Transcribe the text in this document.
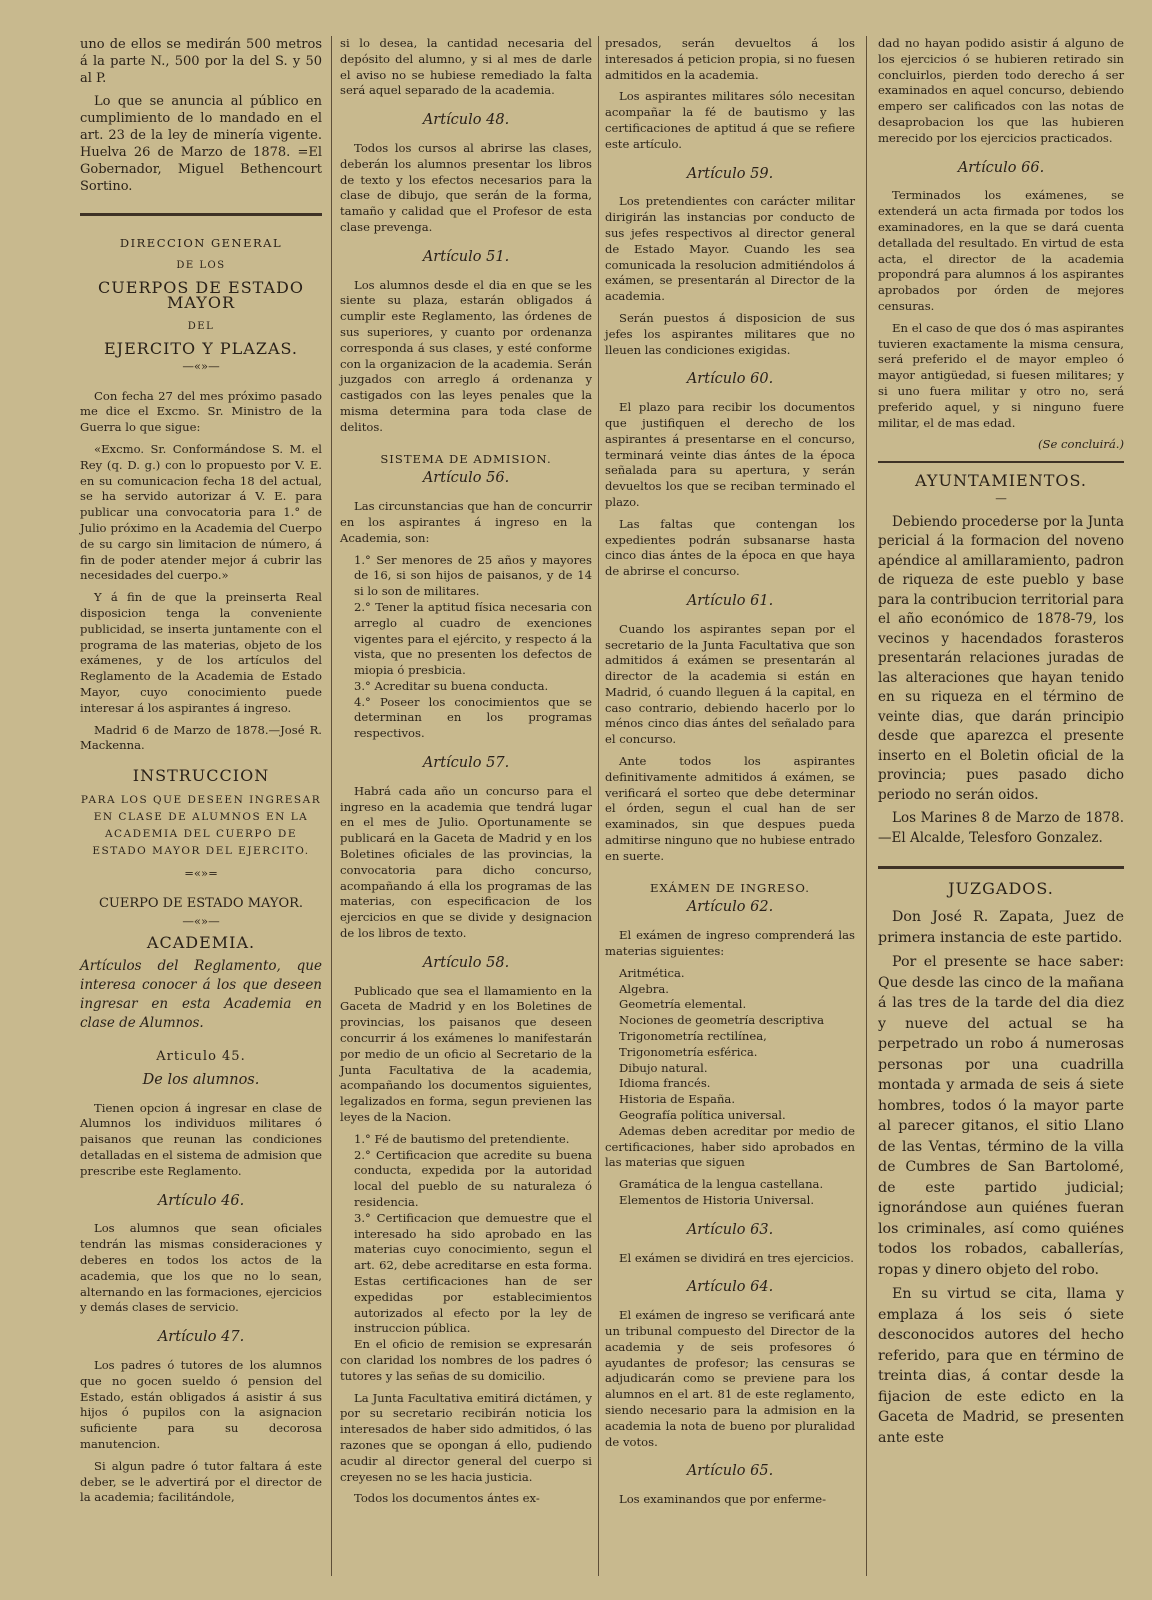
uno de ellos se medirán 500 metros á la parte N., 500 por la del S. y 50 al P.

Lo que se anuncia al público en cumplimiento de lo mandado en el art. 23 de la ley de minería vigente. Huelva 26 de Marzo de 1878. =El Gobernador, Miguel Bethencourt Sortino.

DIRECCION GENERAL
DE LOS
CUERPOS DE ESTADO MAYOR
DEL
EJERCITO Y PLAZAS.
—«»—

Con fecha 27 del mes próximo pasado me dice el Excmo. Sr. Ministro de la Guerra lo que sigue:

«Excmo. Sr. Conformándose S. M. el Rey (q. D. g.) con lo propuesto por V. E. en su comunicacion fecha 18 del actual, se ha servido autorizar á V. E. para publicar una convocatoria para 1.° de Julio próximo en la Academia del Cuerpo de su cargo sin limitacion de número, á fin de poder atender mejor á cubrir las necesidades del cuerpo.»

Y á fin de que la preinserta Real disposicion tenga la conveniente publicidad, se inserta juntamente con el programa de las materias, objeto de los exámenes, y de los artículos del Reglamento de la Academia de Estado Mayor, cuyo conocimiento puede interesar á los aspirantes á ingreso.

Madrid 6 de Marzo de 1878.—José R. Mackenna.

INSTRUCCION

PARA LOS QUE DESEEN INGRESAR EN CLASE DE ALUMNOS EN LA ACADEMIA DEL CUERPO DE ESTADO MAYOR DEL EJERCITO.

=«»=
CUERPO DE ESTADO MAYOR.
—«»—
ACADEMIA.

Artículos del Reglamento, que interesa conocer á los que deseen ingresar en esta Academia en clase de Alumnos.

Articulo 45.
De los alumnos.

Tienen opcion á ingresar en clase de Alumnos los individuos militares ó paisanos que reunan las condiciones detalladas en el sistema de admision que prescribe este Reglamento.

Artículo 46.

Los alumnos que sean oficiales tendrán las mismas consideraciones y deberes en todos los actos de la academia, que los que no lo sean, alternando en las formaciones, ejercicios y demás clases de servicio.

Artículo 47.

Los padres ó tutores de los alumnos que no gocen sueldo ó pension del Estado, están obligados á asistir á sus hijos ó pupilos con la asignacion suficiente para su decorosa manutencion.

Si algun padre ó tutor faltara á este deber, se le advertirá por el director de la academia; facilitándole,

si lo desea, la cantidad necesaria del depósito del alumno, y si al mes de darle el aviso no se hubiese remediado la falta será aquel separado de la academia.

Artículo 48.

Todos los cursos al abrirse las clases, deberán los alumnos presentar los libros de texto y los efectos necesarios para la clase de dibujo, que serán de la forma, tamaño y calidad que el Profesor de esta clase prevenga.

Artículo 51.

Los alumnos desde el dia en que se les siente su plaza, estarán obligados á cumplir este Reglamento, las órdenes de sus superiores, y cuanto por ordenanza corresponda á sus clases, y esté conforme con la organizacion de la academia. Serán juzgados con arreglo á ordenanza y castigados con las leyes penales que la misma determina para toda clase de delitos.

SISTEMA DE ADMISION.
Artículo 56.

Las circunstancias que han de concurrir en los aspirantes á ingreso en la Academia, son:

1.° Ser menores de 25 años y mayores de 16, si son hijos de paisanos, y de 14 si lo son de militares.

2.° Tener la aptitud física necesaria con arreglo al cuadro de exenciones vigentes para el ejército, y respecto á la vista, que no presenten los defectos de miopia ó presbicia.

3.° Acreditar su buena conducta.

4.° Poseer los conocimientos que se determinan en los programas respectivos.

Artículo 57.

Habrá cada año un concurso para el ingreso en la academia que tendrá lugar en el mes de Julio. Oportunamente se publicará en la Gaceta de Madrid y en los Boletines oficiales de las provincias, la convocatoria para dicho concurso, acompañando á ella los programas de las materias, con especificacion de los ejercicios en que se divide y designacion de los libros de texto.

Artículo 58.

Publicado que sea el llamamiento en la Gaceta de Madrid y en los Boletines de provincias, los paisanos que deseen concurrir á los exámenes lo manifestarán por medio de un oficio al Secretario de la Junta Facultativa de la academia, acompañando los documentos siguientes, legalizados en forma, segun previenen las leyes de la Nacion.

1.° Fé de bautismo del pretendiente.

2.° Certificacion que acredite su buena conducta, expedida por la autoridad local del pueblo de su naturaleza ó residencia.

3.° Certificacion que demuestre que el interesado ha sido aprobado en las materias cuyo conocimiento, segun el art. 62, debe acreditarse en esta forma. Estas certificaciones han de ser expedidas por establecimientos autorizados al efecto por la ley de instruccion pública.

En el oficio de remision se expresarán con claridad los nombres de los padres ó tutores y las señas de su domicilio.

La Junta Facultativa emitirá dictámen, y por su secretario recibirán noticia los interesados de haber sido admitidos, ó las razones que se opongan á ello, pudiendo acudir al director general del cuerpo si creyesen no se les hacia justicia.

Todos los documentos ántes ex-

presados, serán devueltos á los interesados á peticion propia, si no fuesen admitidos en la academia.

Los aspirantes militares sólo necesitan acompañar la fé de bautismo y las certificaciones de aptitud á que se refiere este artículo.

Artículo 59.

Los pretendientes con carácter militar dirigirán las instancias por conducto de sus jefes respectivos al director general de Estado Mayor. Cuando les sea comunicada la resolucion admitiéndolos á exámen, se presentarán al Director de la academia.

Serán puestos á disposicion de sus jefes los aspirantes militares que no lleuen las condiciones exigidas.

Artículo 60.

El plazo para recibir los documentos que justifiquen el derecho de los aspirantes á presentarse en el concurso, terminará veinte dias ántes de la época señalada para su apertura, y serán devueltos los que se reciban terminado el plazo.

Las faltas que contengan los expedientes podrán subsanarse hasta cinco dias ántes de la época en que haya de abrirse el concurso.

Artículo 61.

Cuando los aspirantes sepan por el secretario de la Junta Facultativa que son admitidos á exámen se presentarán al director de la academia si están en Madrid, ó cuando lleguen á la capital, en caso contrario, debiendo hacerlo por lo ménos cinco dias ántes del señalado para el concurso.

Ante todos los aspirantes definitivamente admitidos á exámen, se verificará el sorteo que debe determinar el órden, segun el cual han de ser examinados, sin que despues pueda admitirse ninguno que no hubiese entrado en suerte.

EXÁMEN DE INGRESO.
Artículo 62.

El exámen de ingreso comprenderá las materias siguientes:

Aritmética.

Algebra.

Geometría elemental.

Nociones de geometría descriptiva

Trigonometría rectilínea,

Trigonometría esférica.

Dibujo natural.

Idioma francés.

Historia de España.

Geografía política universal.

Ademas deben acreditar por medio de certificaciones, haber sido aprobados en las materias que siguen

Gramática de la lengua castellana.

Elementos de Historia Universal.

Artículo 63.

El exámen se dividirá en tres ejercicios.

Artículo 64.

El exámen de ingreso se verificará ante un tribunal compuesto del Director de la academia y de seis profesores ó ayudantes de profesor; las censuras se adjudicarán como se previene para los alumnos en el art. 81 de este reglamento, siendo necesario para la admision en la academia la nota de bueno por pluralidad de votos.

Artículo 65.

Los examinandos que por enferme-

dad no hayan podido asistir á alguno de los ejercicios ó se hubieren retirado sin concluirlos, pierden todo derecho á ser examinados en aquel concurso, debiendo empero ser calificados con las notas de desaprobacion los que las hubieren merecido por los ejercicios practicados.

Artículo 66.

Terminados los exámenes, se extenderá un acta firmada por todos los examinadores, en la que se dará cuenta detallada del resultado. En virtud de esta acta, el director de la academia propondrá para alumnos á los aspirantes aprobados por órden de mejores censuras.

En el caso de que dos ó mas aspirantes tuvieren exactamente la misma censura, será preferido el de mayor empleo ó mayor antigüedad, si fuesen militares; y si uno fuera militar y otro no, será preferido aquel, y si ninguno fuere militar, el de mas edad.

(Se concluirá.)
AYUNTAMIENTOS.
—

Debiendo procederse por la Junta pericial á la formacion del noveno apéndice al amillaramiento, padron de riqueza de este pueblo y base para la contribucion territorial para el año económico de 1878-79, los vecinos y hacendados forasteros presentarán relaciones juradas de las alteraciones que hayan tenido en su riqueza en el término de veinte dias, que darán principio desde que aparezca el presente inserto en el Boletin oficial de la provincia; pues pasado dicho periodo no serán oidos.

Los Marines 8 de Marzo de 1878. —El Alcalde, Telesforo Gonzalez.

JUZGADOS.

Don José R. Zapata, Juez de primera instancia de este partido.

Por el presente se hace saber: Que desde las cinco de la mañana á las tres de la tarde del dia diez y nueve del actual se ha perpetrado un robo á numerosas personas por una cuadrilla montada y armada de seis á siete hombres, todos ó la mayor parte al parecer gitanos, el sitio Llano de las Ventas, término de la villa de Cumbres de San Bartolomé, de este partido judicial; ignorándose aun quiénes fueran los criminales, así como quiénes todos los robados, caballerías, ropas y dinero objeto del robo.

En su virtud se cita, llama y emplaza á los seis ó siete desconocidos autores del hecho referido, para que en término de treinta dias, á contar desde la fijacion de este edicto en la Gaceta de Madrid, se presenten ante este
